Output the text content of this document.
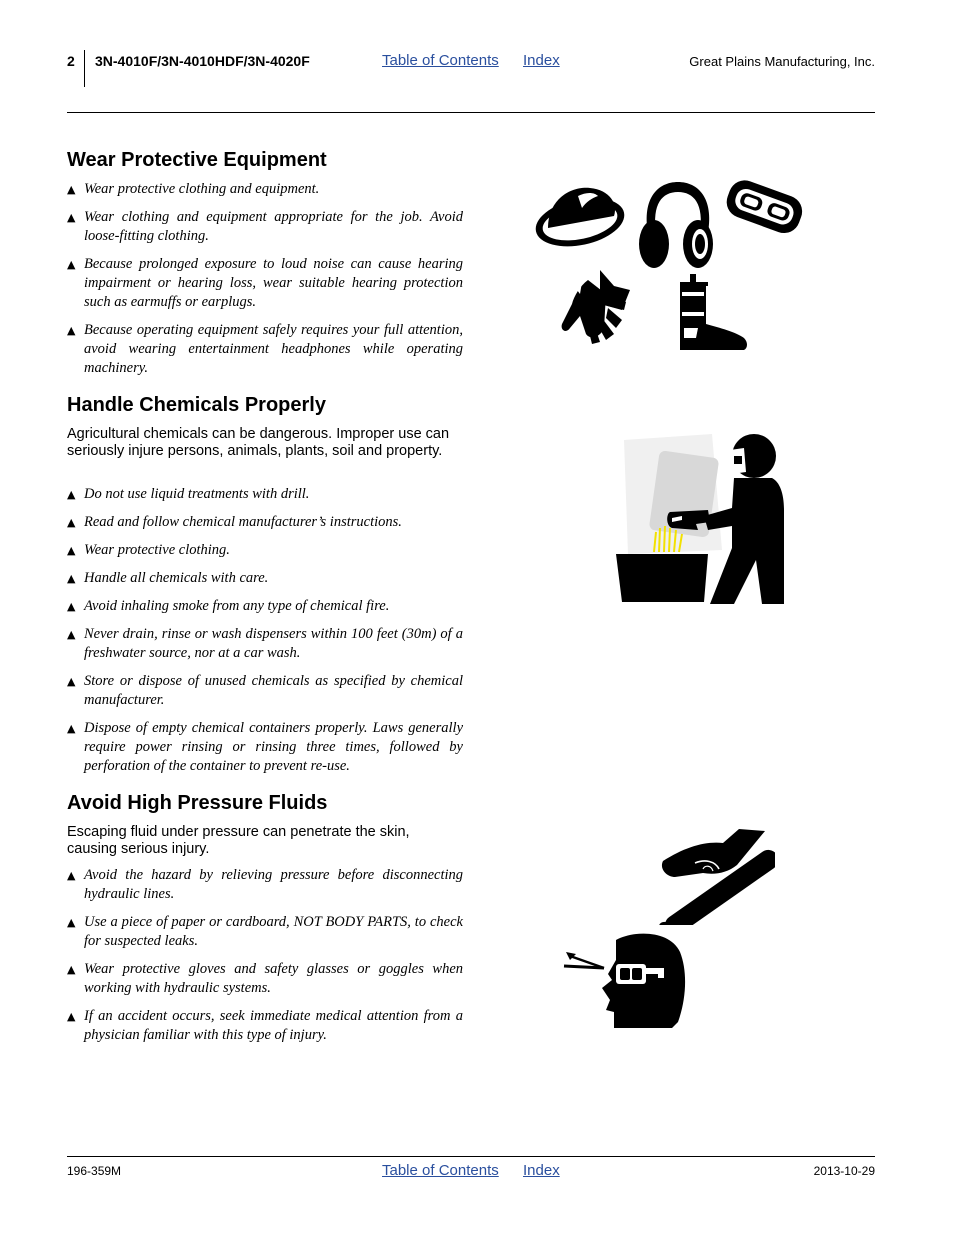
2 3N-4010F/3N-4010HDF/3N-4020F	Table of Contents Index	Great Plains Manufacturing, Inc.
Wear Protective Equipment
▲ Wear protective clothing and equipment.
▲ Wear clothing and equipment appropriate for the job. Avoid loose-fitting clothing.
▲ Because prolonged exposure to loud noise can cause hearing impairment or hearing loss, wear suitable hearing protection such as earmuffs or earplugs.
▲ Because operating equipment safely requires your full attention, avoid wearing entertainment headphones while operating machinery.
Handle Chemicals Properly

Agricultural chemicals can be dangerous. Improper use can seriously injure persons, animals, plants, soil and property.

▲ Do not use liquid treatments with drill.
▲ Read and follow chemical manufacturer’s instructions.
▲ Wear protective clothing.
▲ Handle all chemicals with care.
▲ Avoid inhaling smoke from any type of chemical fire.
▲ Never drain, rinse or wash dispensers within 100 feet (30m) of a freshwater source, nor at a car wash.
▲ Store or dispose of unused chemicals as specified by chemical manufacturer.
▲ Dispose of empty chemical containers properly. Laws generally require power rinsing or rinsing three times, followed by perforation of the container to prevent re-use.
Avoid High Pressure Fluids

Escaping fluid under pressure can penetrate the skin, causing serious injury.

▲ Avoid the hazard by relieving pressure before disconnecting hydraulic lines.
▲ Use a piece of paper or cardboard, NOT BODY PARTS, to check for suspected leaks.
▲ Wear protective gloves and safety glasses or goggles when working with hydraulic systems.
▲ If an accident occurs, seek immediate medical attention from a physician familiar with this type of injury.
196-359M	Table of Contents Index	2013-10-29
